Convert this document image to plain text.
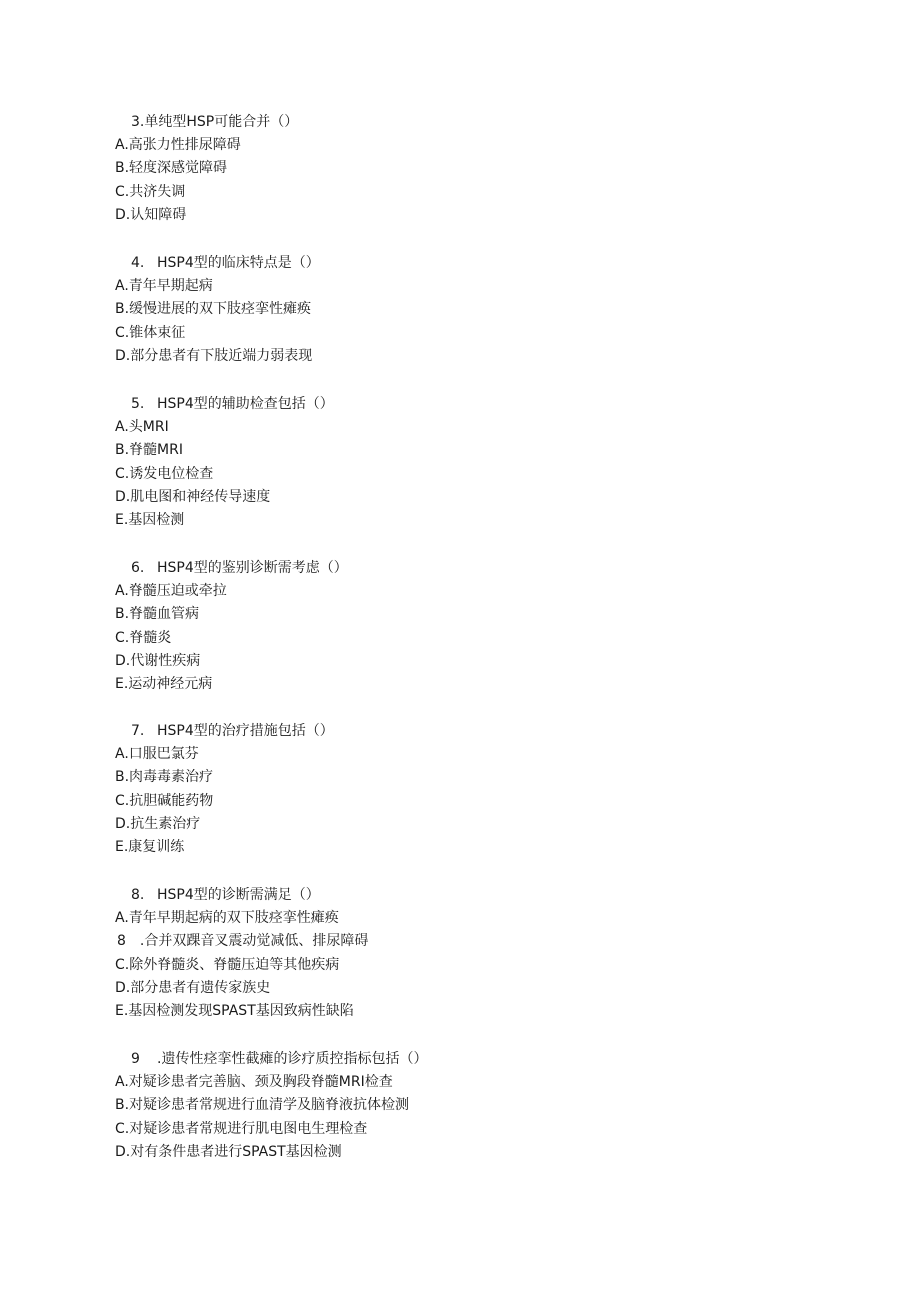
3.单纯型HSP可能合并（）
A.高张力性排尿障碍
B.轻度深感觉障碍
C.共济失调
D.认知障碍
4. HSP4型的临床特点是（）
A.青年早期起病
B.缓慢进展的双下肢痉挛性瘫痪
C.锥体束征
D.部分患者有下肢近端力弱表现
5. HSP4型的辅助检查包括（）
A.头MRI
B.脊髓MRI
C.诱发电位检查
D.肌电图和神经传导速度
E.基因检测
6. HSP4型的鉴别诊断需考虑（）
A.脊髓压迫或牵拉
B.脊髓血管病
C.脊髓炎
D.代谢性疾病
E.运动神经元病
7. HSP4型的治疗措施包括（）
A.口服巴氯芬
B.肉毒毒素治疗
C.抗胆碱能药物
D.抗生素治疗
E.康复训练
8. HSP4型的诊断需满足（）
A.青年早期起病的双下肢痉挛性瘫痪
8　.合并双踝音叉震动觉减低、排尿障碍
C.除外脊髓炎、脊髓压迫等其他疾病
D.部分患者有遗传家族史
E.基因检测发现SPAST基因致病性缺陷
9 .遗传性痉挛性截瘫的诊疗质控指标包括（）
A.对疑诊患者完善脑、颈及胸段脊髓MRI检查
B.对疑诊患者常规进行血清学及脑脊液抗体检测
C.对疑诊患者常规进行肌电图电生理检查
D.对有条件患者进行SPAST基因检测
